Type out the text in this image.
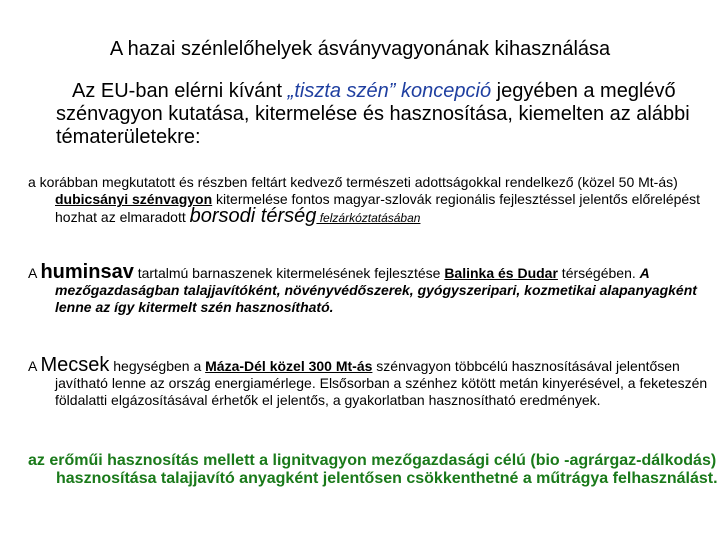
A hazai szénlelőhelyek ásványvagyonának kihasználása
Az EU-ban elérni kívánt „tiszta szén” koncepció jegyében a meglévő szénvagyon kutatása, kitermelése és hasznosítása, kiemelten az alábbi tématerületekre:
a korábban megkutatott és részben feltárt kedvező természeti adottságokkal rendelkező (közel 50 Mt-ás) dubicsányi szénvagyon kitermelése fontos magyar-szlovák regionális fejlesztéssel jelentős előrelépést hozhat az elmaradott borsodi térség felzárkóztatásában
A huminsav tartalmú barnaszenek kitermelésének fejlesztése Balinka és Dudar térségében. A mezőgazdaságban talajjavítóként, növényvédőszerek, gyógyszeripari, kozmetikai alapanyagként lenne az így kitermelt szén hasznosítható.
A Mecsek hegységben a Máza-Dél közel 300 Mt-ás szénvagyon többcélú hasznosításával jelentősen javítható lenne az ország energiamérlege. Elsősorban a szénhez kötött metán kinyerésével, a feketeszén földalatti elgázosításával érhetők el jelentős, a gyakorlatban hasznosítható eredmények.
az erőműi hasznosítás mellett a lignitvagyon mezőgazdasági célú (bio -agrárgaz-dálkodás) hasznosítása talajjavító anyagként jelentősen csökkenthetné a műtrágya felhasználást.
